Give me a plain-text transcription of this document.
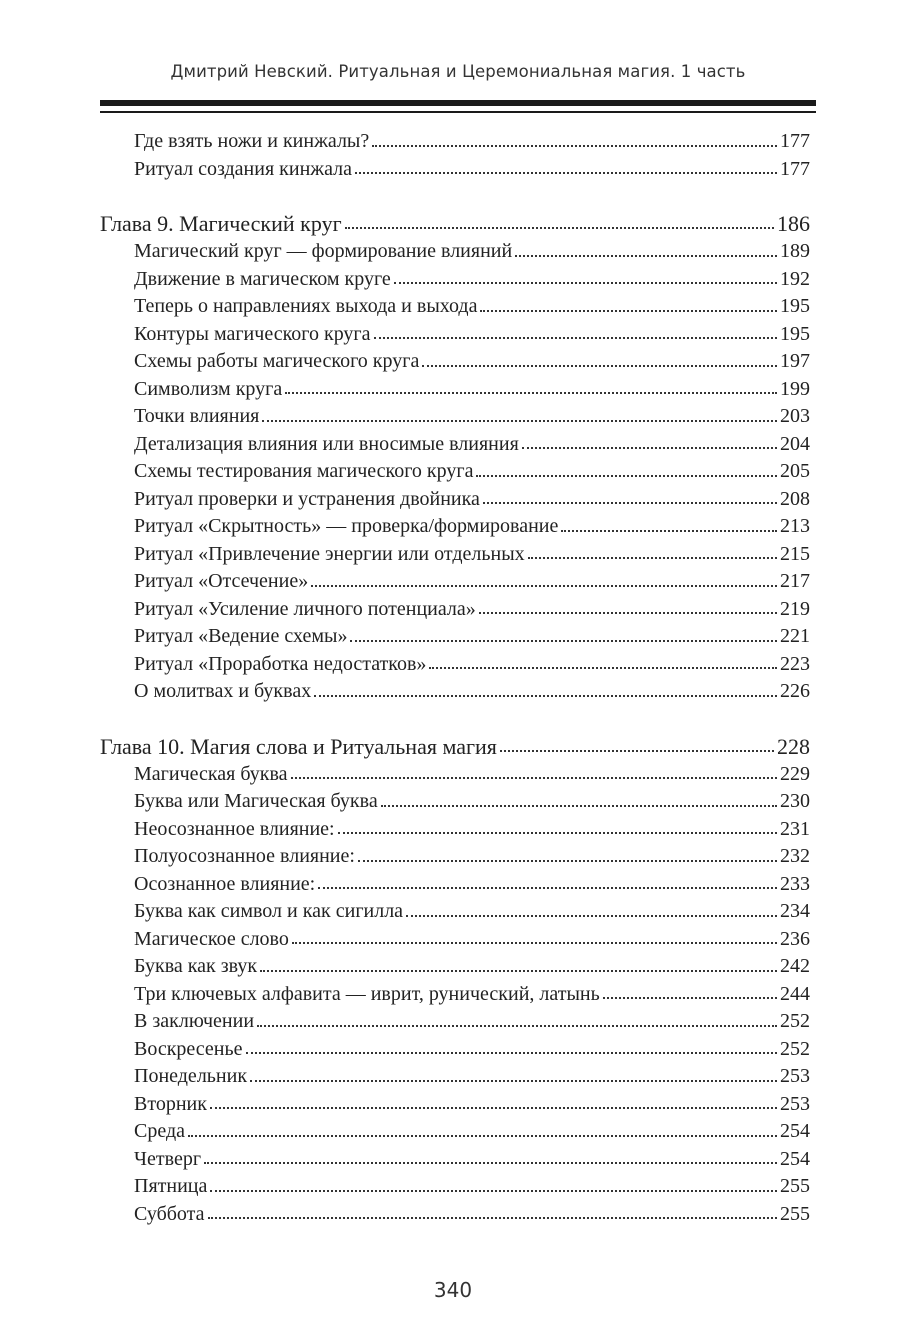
Дмитрий Невский. Ритуальная и Церемониальная магия. 1 часть
Где взять ножи и кинжалы?	177
Ритуал создания кинжала	177
Глава 9. Магический круг	186
Магический круг — формирование влияний	189
Движение в магическом круге	192
Теперь о направлениях выхода и выхода	195
Контуры магического круга	195
Схемы работы магического круга	197
Символизм круга	199
Точки влияния	203
Детализация влияния или вносимые влияния	204
Схемы тестирования магического круга	205
Ритуал проверки и устранения двойника	208
Ритуал «Скрытность» — проверка/формирование	213
Ритуал «Привлечение энергии или отдельных	215
Ритуал «Отсечение»	217
Ритуал «Усиление личного потенциала»	219
Ритуал «Ведение схемы»	221
Ритуал «Проработка недостатков»	223
О молитвах и буквах	226
Глава 10. Магия слова и Ритуальная магия	228
Магическая буква	229
Буква или Магическая буква	230
Неосознанное влияние:	231
Полуосознанное влияние:	232
Осознанное влияние:	233
Буква как символ и как сигилла	234
Магическое слово	236
Буква как звук	242
Три ключевых алфавита — иврит, рунический, латынь	244
В заключении	252
Воскресенье	252
Понедельник	253
Вторник	253
Среда	254
Четверг	254
Пятница	255
Суббота	255
340
